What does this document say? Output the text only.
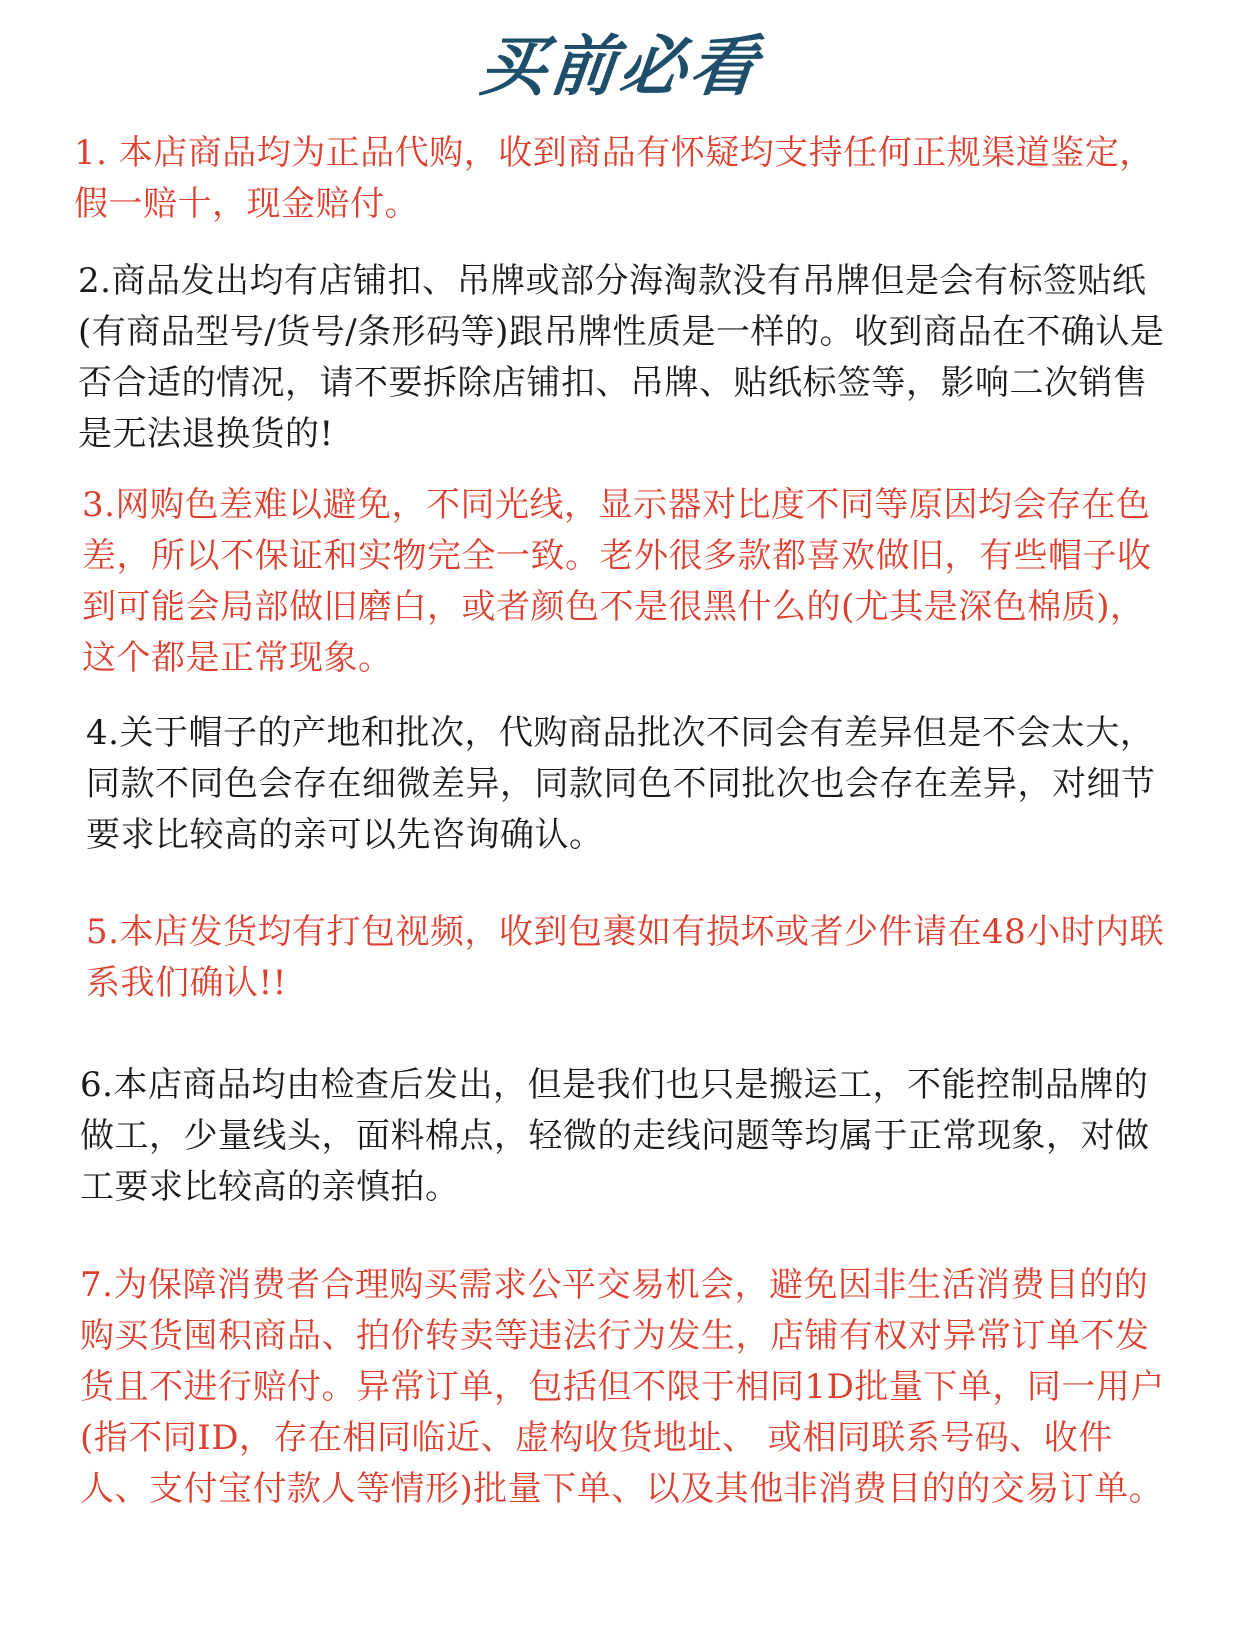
买前必看

1. 本店商品均为正品代购，收到商品有怀疑均支持任何正规渠道鉴定，假一赔十，现金赔付。

2.商品发出均有店铺扣、吊牌或部分海淘款没有吊牌但是会有标签贴纸(有商品型号/货号/条形码等)跟吊牌性质是一样的。收到商品在不确认是否合适的情况，请不要拆除店铺扣、吊牌、贴纸标签等，影响二次销售是无法退换货的!

3.网购色差难以避免，不同光线，显示器对比度不同等原因均会存在色差，所以不保证和实物完全一致。老外很多款都喜欢做旧，有些帽子收到可能会局部做旧磨白，或者颜色不是很黑什么的(尤其是深色棉质)，这个都是正常现象。

4.关于帽子的产地和批次，代购商品批次不同会有差异但是不会太大，同款不同色会存在细微差异，同款同色不同批次也会存在差异，对细节要求比较高的亲可以先咨询确认。

5.本店发货均有打包视频，收到包裹如有损坏或者少件请在48小时内联系我们确认!!

6.本店商品均由检查后发出，但是我们也只是搬运工，不能控制品牌的做工，少量线头，面料棉点，轻微的走线问题等均属于正常现象，对做工要求比较高的亲慎拍。

7.为保障消费者合理购买需求公平交易机会，避免因非生活消费目的的购买货囤积商品、拍价转卖等违法行为发生，店铺有权对异常订单不发货且不进行赔付。异常订单，包括但不限于相同1D批量下单，同一用户(指不同ID，存在相同临近、虚构收货地址、 或相同联系号码、收件人、支付宝付款人等情形)批量下单、以及其他非消费目的的交易订单。
